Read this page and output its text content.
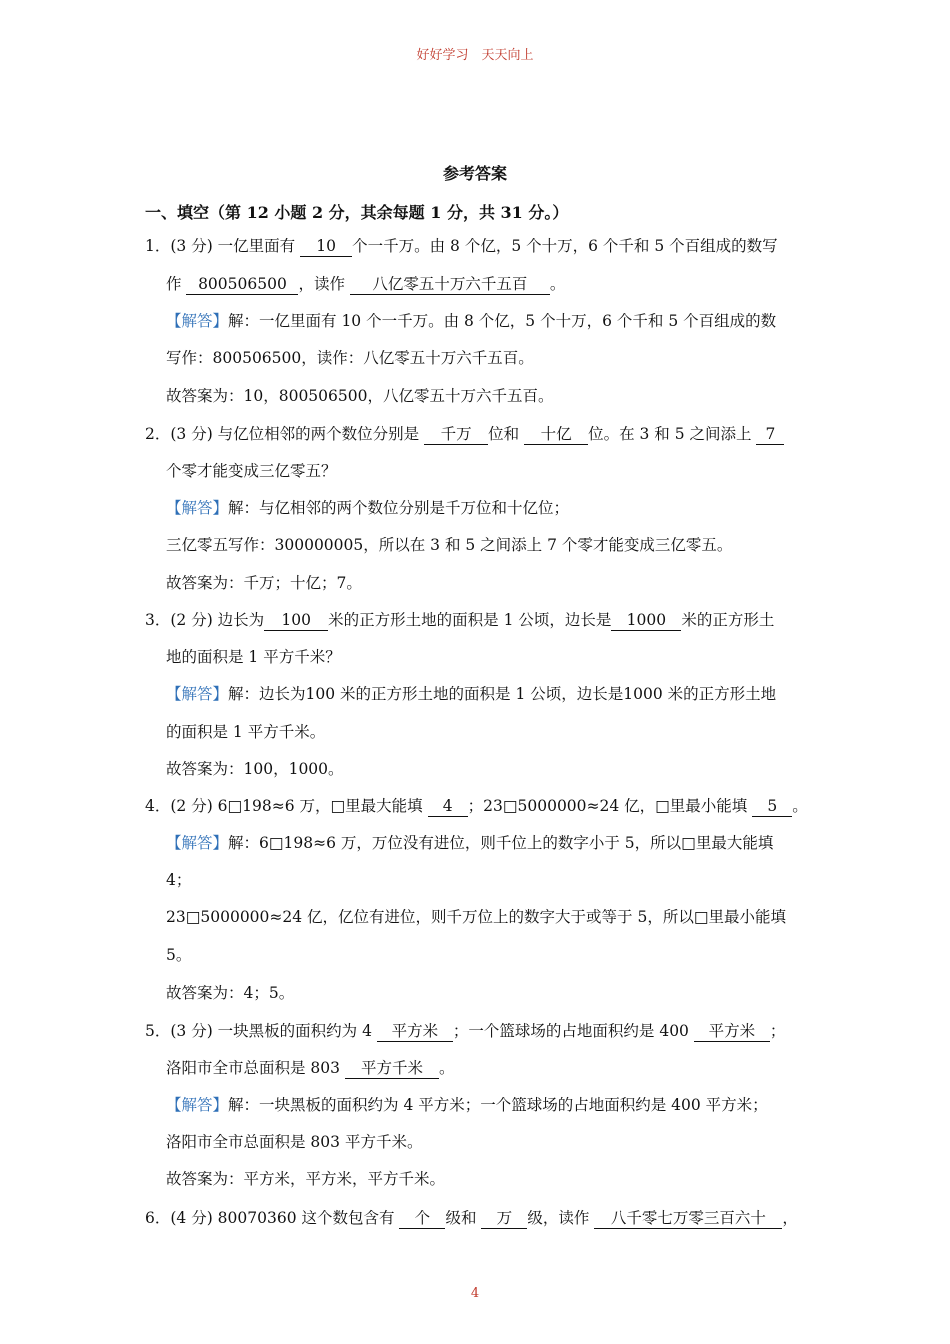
好好学习　天天向上
参考答案
一、填空（第 12 小题 2 分，其余每题 1 分，共 31 分。）
1．(3 分) 一亿里面有 10 个一千万。由 8 个亿，5 个十万，6 个千和 5 个百组成的数写
作 800506500 ，读作 八亿零五十万六千五百 。
【解答】解：一亿里面有 10 个一千万。由 8 个亿，5 个十万，6 个千和 5 个百组成的数
写作：800506500，读作：八亿零五十万六千五百。
故答案为：10，800506500，八亿零五十万六千五百。
2．(3 分) 与亿位相邻的两个数位分别是 千万 位和 十亿 位。在 3 和 5 之间添上 7
个零才能变成三亿零五？
【解答】解：与亿相邻的两个数位分别是千万位和十亿位；
三亿零五写作：300000005，所以在 3 和 5 之间添上 7 个零才能变成三亿零五。
故答案为：千万；十亿；7。
3．(2 分) 边长为 100 米的正方形土地的面积是 1 公顷，边长是 1000 米的正方形土
地的面积是 1 平方千米？
【解答】解：边长为100 米的正方形土地的面积是 1 公顷，边长是1000 米的正方形土地
的面积是 1 平方千米。
故答案为：100，1000。
4．(2 分) 6□198≈6 万，□里最大能填 4 ；23□5000000≈24 亿，□里最小能填 5 。
【解答】解：6□198≈6 万，万位没有进位，则千位上的数字小于 5，所以□里最大能填
4；
23□5000000≈24 亿，亿位有进位，则千万位上的数字大于或等于 5，所以□里最小能填
5。
故答案为：4；5。
5．(3 分) 一块黑板的面积约为 4 平方米 ；一个篮球场的占地面积约是 400 平方米 ；
洛阳市全市总面积是 803 平方千米 。
【解答】解：一块黑板的面积约为 4 平方米；一个篮球场的占地面积约是 400 平方米；
洛阳市全市总面积是 803 平方千米。
故答案为：平方米，平方米，平方千米。
6．(4 分) 80070360 这个数包含有 个 级和 万 级，读作 八千零七万零三百六十 ，
4
